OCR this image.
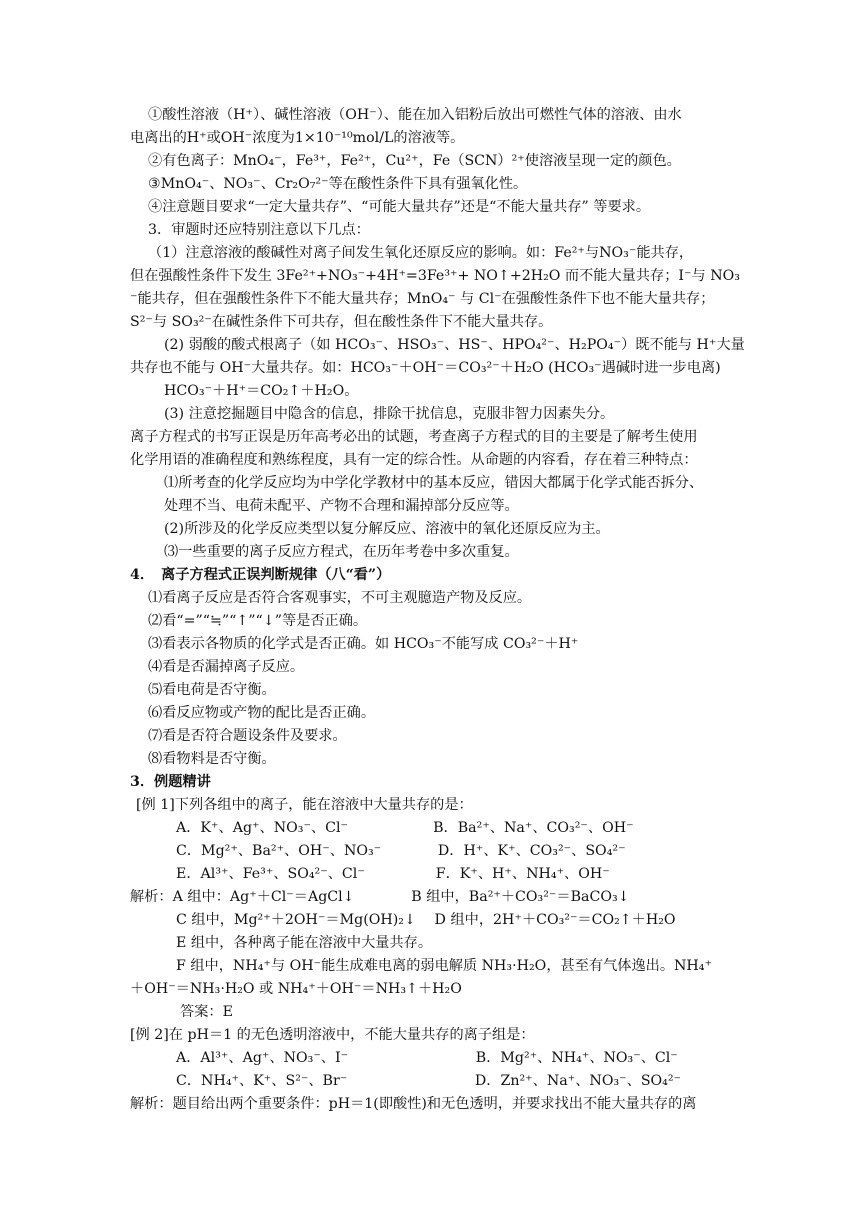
①酸性溶液（H⁺）、碱性溶液（OH⁻）、能在加入铝粉后放出可燃性气体的溶液、由水
电离出的H⁺或OH⁻浓度为1×10⁻¹⁰mol/L的溶液等。
②有色离子：MnO₄⁻，Fe³⁺，Fe²⁺，Cu²⁺，Fe（SCN）²⁺使溶液呈现一定的颜色。
③MnO₄⁻、NO₃⁻、Cr₂O₇²⁻等在酸性条件下具有强氧化性。
④注意题目要求“一定大量共存”、“可能大量共存”还是“不能大量共存” 等要求。
3．审题时还应特别注意以下几点：
（1）注意溶液的酸碱性对离子间发生氧化还原反应的影响。如：Fe²⁺与NO₃⁻能共存，
但在强酸性条件下发生 3Fe²⁺+NO₃⁻+4H⁺=3Fe³⁺+ NO↑+2H₂O 而不能大量共存；I⁻与 NO₃
⁻能共存，但在强酸性条件下不能大量共存；MnO₄⁻ 与 Cl⁻在强酸性条件下也不能大量共存；
S²⁻与 SO₃²⁻在碱性条件下可共存，但在酸性条件下不能大量共存。
(2) 弱酸的酸式根离子（如 HCO₃⁻、HSO₃⁻、HS⁻、HPO₄²⁻、H₂PO₄⁻）既不能与 H⁺大量
共存也不能与 OH⁻大量共存。如：HCO₃⁻＋OH⁻＝CO₃²⁻＋H₂O (HCO₃⁻遇碱时进一步电离)
HCO₃⁻＋H⁺＝CO₂↑＋H₂O。
(3) 注意挖掘题目中隐含的信息，排除干扰信息，克服非智力因素失分。
离子方程式的书写正误是历年高考必出的试题，考查离子方程式的目的主要是了解考生使用
化学用语的准确程度和熟练程度，具有一定的综合性。从命题的内容看，存在着三种特点：
⑴所考查的化学反应均为中学化学教材中的基本反应，错因大都属于化学式能否拆分、
处理不当、电荷未配平、产物不合理和漏掉部分反应等。
(2)所涉及的化学反应类型以复分解反应、溶液中的氧化还原反应为主。
⑶一些重要的离子反应方程式，在历年考卷中多次重复。
4．　离子方程式正误判断规律（八“看”）
⑴看离子反应是否符合客观事实，不可主观臆造产物及反应。
⑵看“=”“≒”“↑”“↓”等是否正确。
⑶看表示各物质的化学式是否正确。如 HCO₃⁻不能写成 CO₃²⁻＋H⁺
⑷看是否漏掉离子反应。
⑸看电荷是否守衡。
⑹看反应物或产物的配比是否正确。
⑺看是否符合题设条件及要求。
⑻看物料是否守衡。
3．例题精讲
[例 1]下列各组中的离子，能在溶液中大量共存的是：
A．K⁺、Ag⁺、NO₃⁻、Cl⁻　　　　　　B．Ba²⁺、Na⁺、CO₃²⁻、OH⁻
C．Mg²⁺、Ba²⁺、OH⁻、NO₃⁻　　　　D．H⁺、K⁺、CO₃²⁻、SO₄²⁻
E．Al³⁺、Fe³⁺、SO₄²⁻、Cl⁻　　　　　F．K⁺、H⁺、NH₄⁺、OH⁻
解析：A 组中：Ag⁺＋Cl⁻＝AgCl↓　　　　B 组中，Ba²⁺＋CO₃²⁻＝BaCO₃↓
C 组中，Mg²⁺＋2OH⁻＝Mg(OH)₂↓　 D 组中，2H⁺＋CO₃²⁻＝CO₂↑＋H₂O
E 组中，各种离子能在溶液中大量共存。
F 组中，NH₄⁺与 OH⁻能生成难电离的弱电解质 NH₃·H₂O，甚至有气体逸出。NH₄⁺
＋OH⁻＝NH₃·H₂O 或 NH₄⁺＋OH⁻＝NH₃↑＋H₂O
答案：E
[例 2]在 pH＝1 的无色透明溶液中，不能大量共存的离子组是：
A．Al³⁺、Ag⁺、NO₃⁻、I⁻　　　　　　　　　B．Mg²⁺、NH₄⁺、NO₃⁻、Cl⁻
C．NH₄⁺、K⁺、S²⁻、Br⁻　　　　　　　　　D．Zn²⁺、Na⁺、NO₃⁻、SO₄²⁻
解析：题目给出两个重要条件：pH＝1(即酸性)和无色透明，并要求找出不能大量共存的离
